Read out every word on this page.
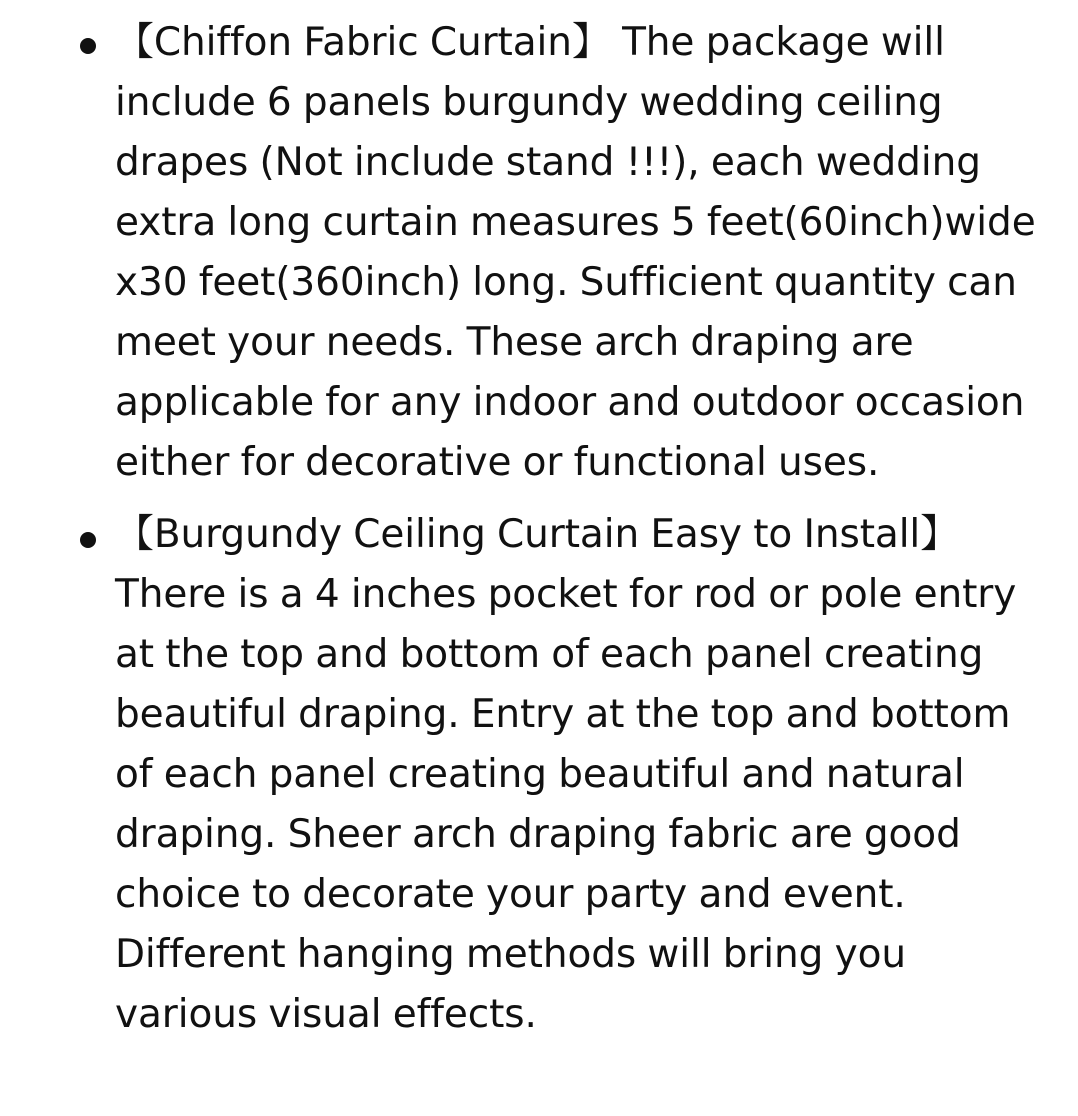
【Chiffon Fabric Curtain】 The package will include 6 panels burgundy wedding ceiling drapes (Not include stand !!!), each wedding extra long curtain measures 5 feet(60inch)wide x30 feet(360inch) long. Sufficient quantity can meet your needs. These arch draping are applicable for any indoor and outdoor occasion either for decorative or functional uses.
【Burgundy Ceiling Curtain Easy to Install】 There is a 4 inches pocket for rod or pole entry at the top and bottom of each panel creating beautiful draping. Entry at the top and bottom of each panel creating beautiful and natural draping. Sheer arch draping fabric are good choice to decorate your party and event. Different hanging methods will bring you various visual effects.
